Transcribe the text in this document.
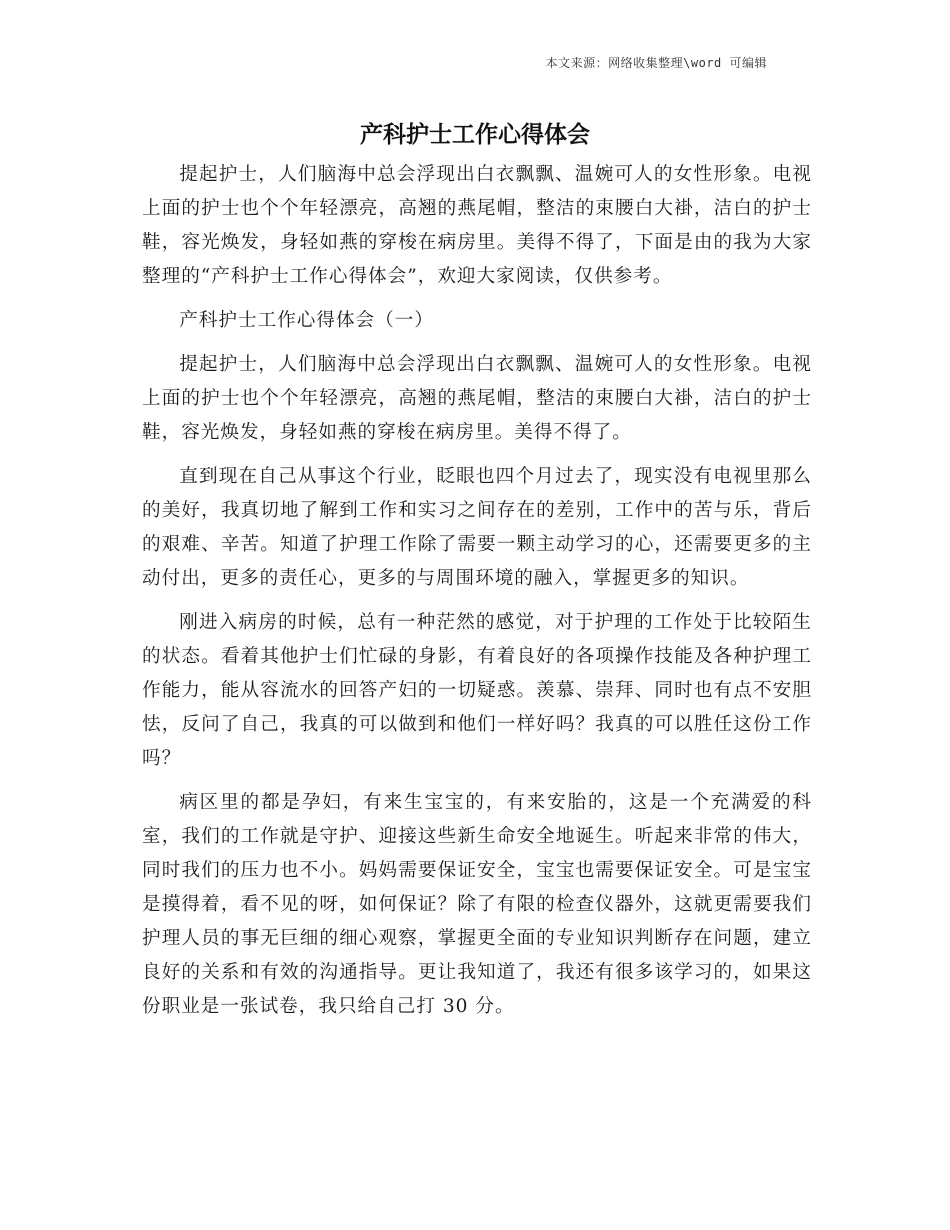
本文来源：网络收集整理\word 可编辑
产科护士工作心得体会

提起护士，人们脑海中总会浮现出白衣飘飘、温婉可人的女性形象。电视上面的护士也个个年轻漂亮，高翘的燕尾帽，整洁的束腰白大褂，洁白的护士鞋，容光焕发，身轻如燕的穿梭在病房里。美得不得了，下面是由的我为大家整理的“产科护士工作心得体会”，欢迎大家阅读，仅供参考。

产科护士工作心得体会（一）

提起护士，人们脑海中总会浮现出白衣飘飘、温婉可人的女性形象。电视上面的护士也个个年轻漂亮，高翘的燕尾帽，整洁的束腰白大褂，洁白的护士鞋，容光焕发，身轻如燕的穿梭在病房里。美得不得了。

直到现在自己从事这个行业，眨眼也四个月过去了，现实没有电视里那么的美好，我真切地了解到工作和实习之间存在的差别，工作中的苦与乐，背后的艰难、辛苦。知道了护理工作除了需要一颗主动学习的心，还需要更多的主动付出，更多的责任心，更多的与周围环境的融入，掌握更多的知识。

刚进入病房的时候，总有一种茫然的感觉，对于护理的工作处于比较陌生的状态。看着其他护士们忙碌的身影，有着良好的各项操作技能及各种护理工作能力，能从容流水的回答产妇的一切疑惑。羡慕、崇拜、同时也有点不安胆怯，反问了自己，我真的可以做到和他们一样好吗？我真的可以胜任这份工作吗？

病区里的都是孕妇，有来生宝宝的，有来安胎的，这是一个充满爱的科室，我们的工作就是守护、迎接这些新生命安全地诞生。听起来非常的伟大，同时我们的压力也不小。妈妈需要保证安全，宝宝也需要保证安全。可是宝宝是摸得着，看不见的呀，如何保证？除了有限的检查仪器外，这就更需要我们护理人员的事无巨细的细心观察，掌握更全面的专业知识判断存在问题，建立良好的关系和有效的沟通指导。更让我知道了，我还有很多该学习的，如果这份职业是一张试卷，我只给自己打 30 分。
